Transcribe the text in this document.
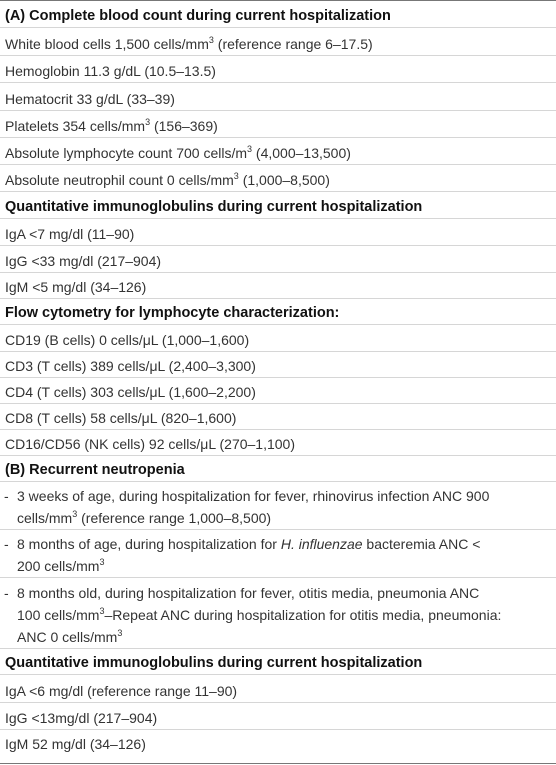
(A) Complete blood count during current hospitalization
White blood cells 1,500 cells/$mm^3$ (reference range 6–17.5)
Hemoglobin 11.3 g/dL (10.5–13.5)
Hematocrit 33 g/dL (33–39)
Platelets 354 cells/$mm^3$ (156–369)
Absolute lymphocyte count 700 cells/$m^3$ (4,000–13,500)
Absolute neutrophil count 0 cells/$mm^3$ (1,000–8,500)
Quantitative immunoglobulins during current hospitalization
IgA <7 mg/dl (11–90)
IgG <33 mg/dl (217–904)
IgM <5 mg/dl (34–126)
Flow cytometry for lymphocyte characterization:
CD19 (B cells) 0 cells/μL (1,000–1,600)
CD3 (T cells) 389 cells/μL (2,400–3,300)
CD4 (T cells) 303 cells/μL (1,600–2,200)
CD8 (T cells) 58 cells/μL (820–1,600)
CD16/CD56 (NK cells) 92 cells/μL (270–1,100)
(B) Recurrent neutropenia
- 3 weeks of age, during hospitalization for fever, rhinovirus infection ANC 900
cells/$mm^3$ (reference range 1,000–8,500)
- 8 months of age, during hospitalization for H. influenzae bacteremia ANC <
200 cells/$mm^3$
- 8 months old, during hospitalization for fever, otitis media, pneumonia ANC
100 cells/$mm^3$–Repeat ANC during hospitalization for otitis media, pneumonia:
ANC 0 cells/$mm^3$
Quantitative immunoglobulins during current hospitalization
IgA <6 mg/dl (reference range 11–90)
IgG <13mg/dl (217–904)
IgM 52 mg/dl (34–126)
